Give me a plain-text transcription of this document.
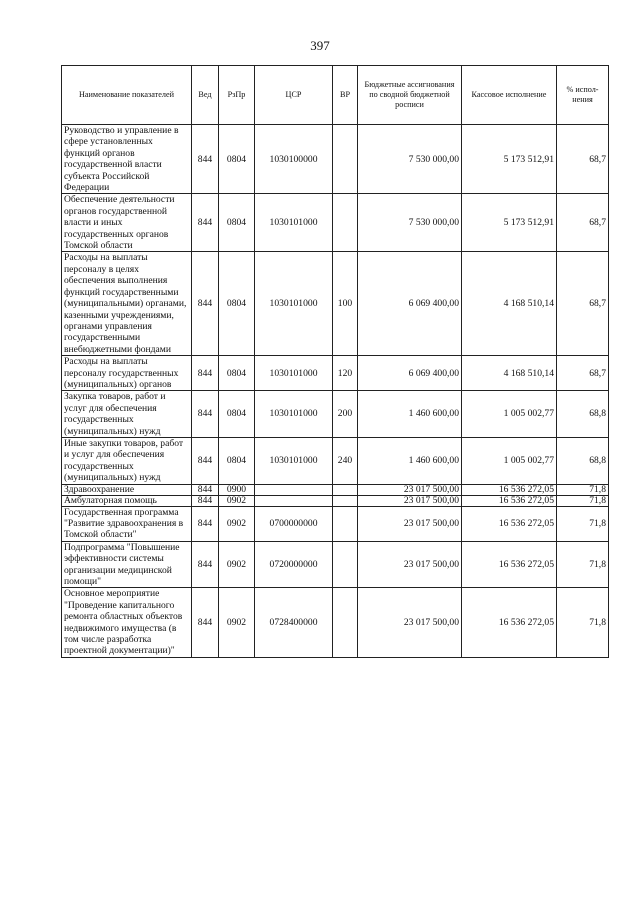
397
Наименование показателей	Вед	РзПр	ЦСР	ВР	Бюджетные ассигнования по сводной бюджетной росписи	Кассовое исполнение	% испол-нения
Руководство и управление в сфере установленных функций органов государственной власти субъекта Российской Федерации	844	0804	1030100000		7 530 000,00	5 173 512,91	68,7
Обеспечение деятельности органов государственной власти и иных государственных органов Томской области	844	0804	1030101000		7 530 000,00	5 173 512,91	68,7
Расходы на выплаты персоналу в целях обеспечения выполнения функций государственными (муниципальными) органами, казенными учреждениями, органами управления государственными внебюджетными фондами	844	0804	1030101000	100	6 069 400,00	4 168 510,14	68,7
Расходы на выплаты персоналу государственных (муниципальных) органов	844	0804	1030101000	120	6 069 400,00	4 168 510,14	68,7
Закупка товаров, работ и услуг для обеспечения государственных (муниципальных) нужд	844	0804	1030101000	200	1 460 600,00	1 005 002,77	68,8
Иные закупки товаров, работ и услуг для обеспечения государственных (муниципальных) нужд	844	0804	1030101000	240	1 460 600,00	1 005 002,77	68,8
Здравоохранение	844	0900			23 017 500,00	16 536 272,05	71,8
Амбулаторная помощь	844	0902			23 017 500,00	16 536 272,05	71,8
Государственная программа "Развитие здравоохранения в Томской области"	844	0902	0700000000		23 017 500,00	16 536 272,05	71,8
Подпрограмма "Повышение эффективности системы организации медицинской помощи"	844	0902	0720000000		23 017 500,00	16 536 272,05	71,8
Основное мероприятие "Проведение капитального ремонта областных объектов недвижимого имущества (в том числе разработка проектной документации)"	844	0902	0728400000		23 017 500,00	16 536 272,05	71,8
